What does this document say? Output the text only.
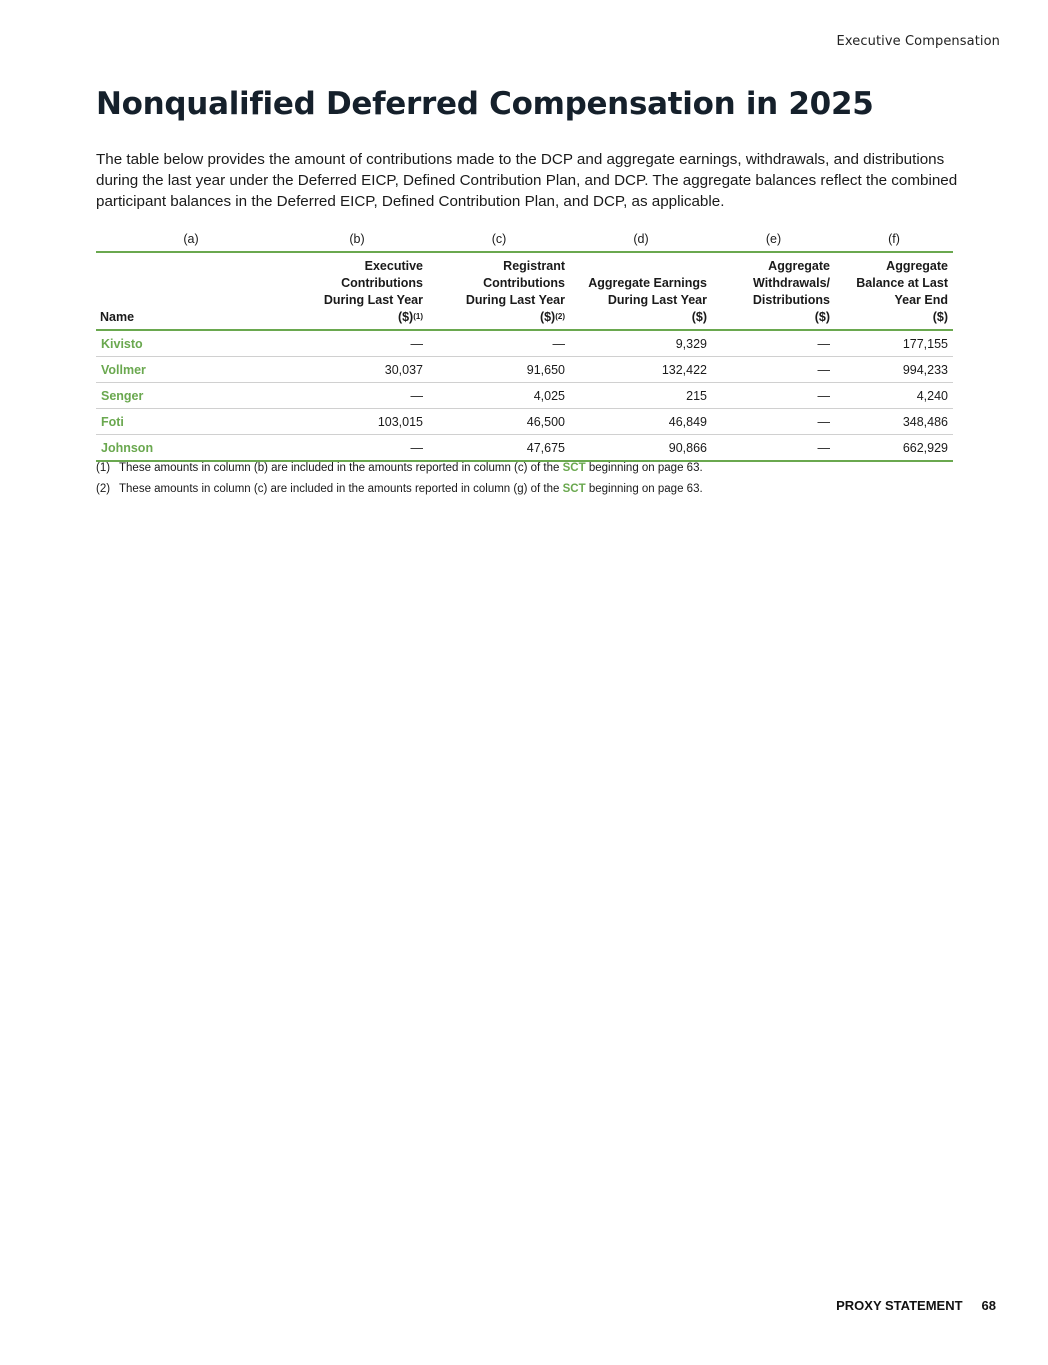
Executive Compensation
Nonqualified Deferred Compensation in 2025

The table below provides the amount of contributions made to the DCP and aggregate earnings, withdrawals, and distributions during the last year under the Deferred EICP, Defined Contribution Plan, and DCP. The aggregate balances reflect the combined participant balances in the Deferred EICP, Defined Contribution Plan, and DCP, as applicable.

(a)	(b)	(c)	(d)	(e)	(f)
Name	Executive
Contributions
During Last Year
($)$^{(1)}$	Registrant
Contributions
During Last Year
($)$^{(2)}$	Aggregate Earnings
During Last Year
($)	Aggregate
Withdrawals/
Distributions
($)	Aggregate
Balance at Last
Year End
($)
Kivisto	—	—	9,329	—	177,155
Vollmer	30,037	91,650	132,422	—	994,233
Senger	—	4,025	215	—	4,240
Foti	103,015	46,500	46,849	—	348,486
Johnson	—	47,675	90,866	—	662,929

(1) These amounts in column (b) are included in the amounts reported in column (c) of the SCT beginning on page 63.

(2) These amounts in column (c) are included in the amounts reported in column (g) of the SCT beginning on page 63.

PROXY STATEMENT 68
